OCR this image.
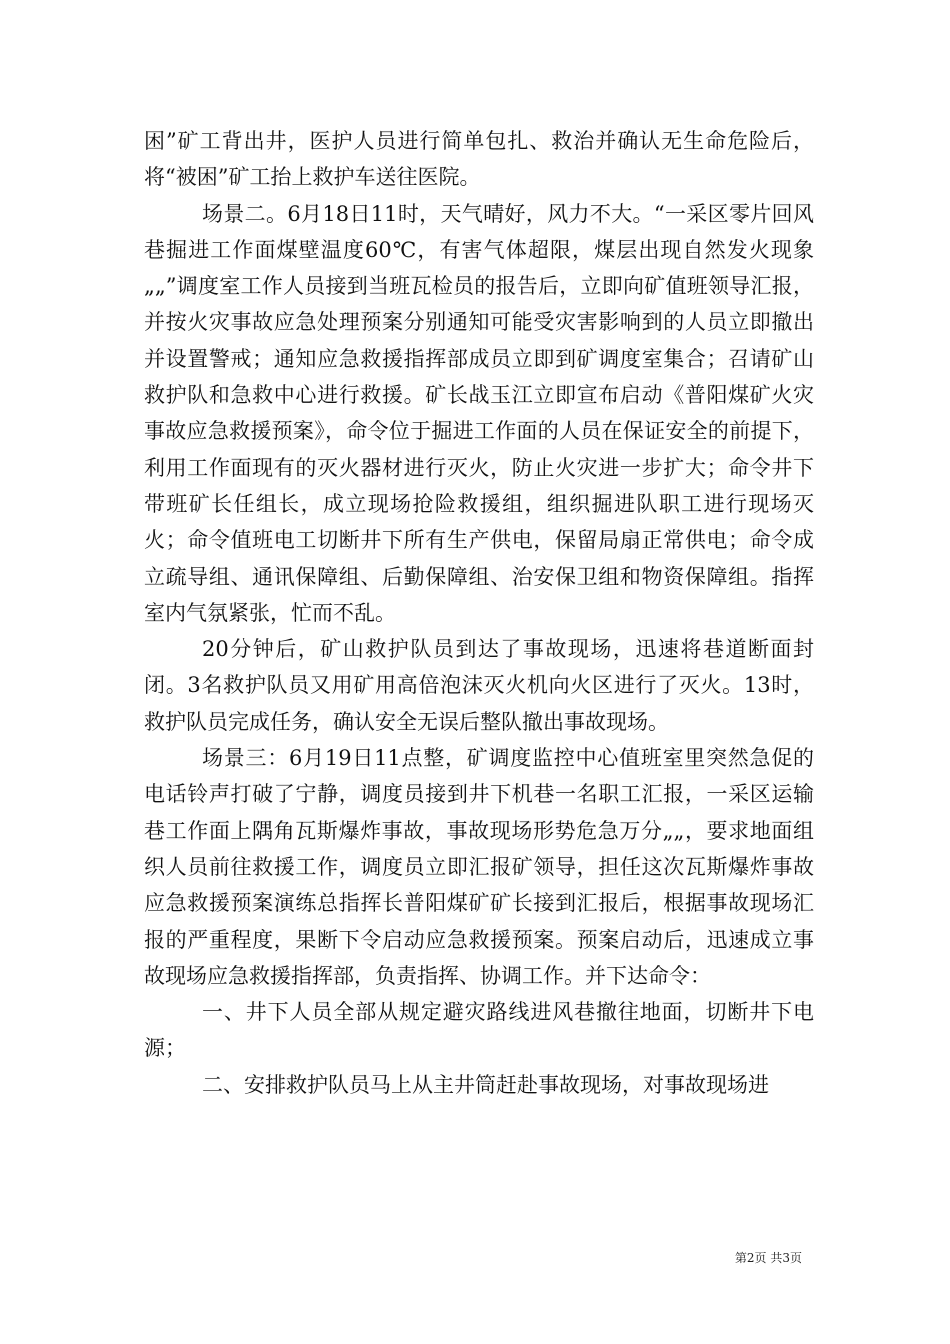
困”矿工背出井，医护人员进行简单包扎、救治并确认无生命危险后，将“被困”矿工抬上救护车送往医院。

场景二。6月18日11时，天气晴好，风力不大。“一采区零片回风巷掘进工作面煤壁温度60℃，有害气体超限，煤层出现自然发火现象„„”调度室工作人员接到当班瓦检员的报告后，立即向矿值班领导汇报，并按火灾事故应急处理预案分别通知可能受灾害影响到的人员立即撤出并设置警戒；通知应急救援指挥部成员立即到矿调度室集合；召请矿山救护队和急救中心进行救援。矿长战玉江立即宣布启动《普阳煤矿火灾事故应急救援预案》，命令位于掘进工作面的人员在保证安全的前提下，利用工作面现有的灭火器材进行灭火，防止火灾进一步扩大；命令井下带班矿长任组长，成立现场抢险救援组，组织掘进队职工进行现场灭火；命令值班电工切断井下所有生产供电，保留局扇正常供电；命令成立疏导组、通讯保障组、后勤保障组、治安保卫组和物资保障组。指挥室内气氛紧张，忙而不乱。

20分钟后，矿山救护队员到达了事故现场，迅速将巷道断面封闭。3名救护队员又用矿用高倍泡沫灭火机向火区进行了灭火。13时，救护队员完成任务，确认安全无误后整队撤出事故现场。

场景三：6月19日11点整，矿调度监控中心值班室里突然急促的电话铃声打破了宁静，调度员接到井下机巷一名职工汇报，一采区运输巷工作面上隅角瓦斯爆炸事故，事故现场形势危急万分„„，要求地面组织人员前往救援工作，调度员立即汇报矿领导，担任这次瓦斯爆炸事故应急救援预案演练总指挥长普阳煤矿矿长接到汇报后，根据事故现场汇报的严重程度，果断下令启动应急救援预案。预案启动后，迅速成立事故现场应急救援指挥部，负责指挥、协调工作。并下达命令：

一、井下人员全部从规定避灾路线进风巷撤往地面，切断井下电源；

二、安排救护队员马上从主井筒赶赴事故现场，对事故现场进

第2页 共3页
